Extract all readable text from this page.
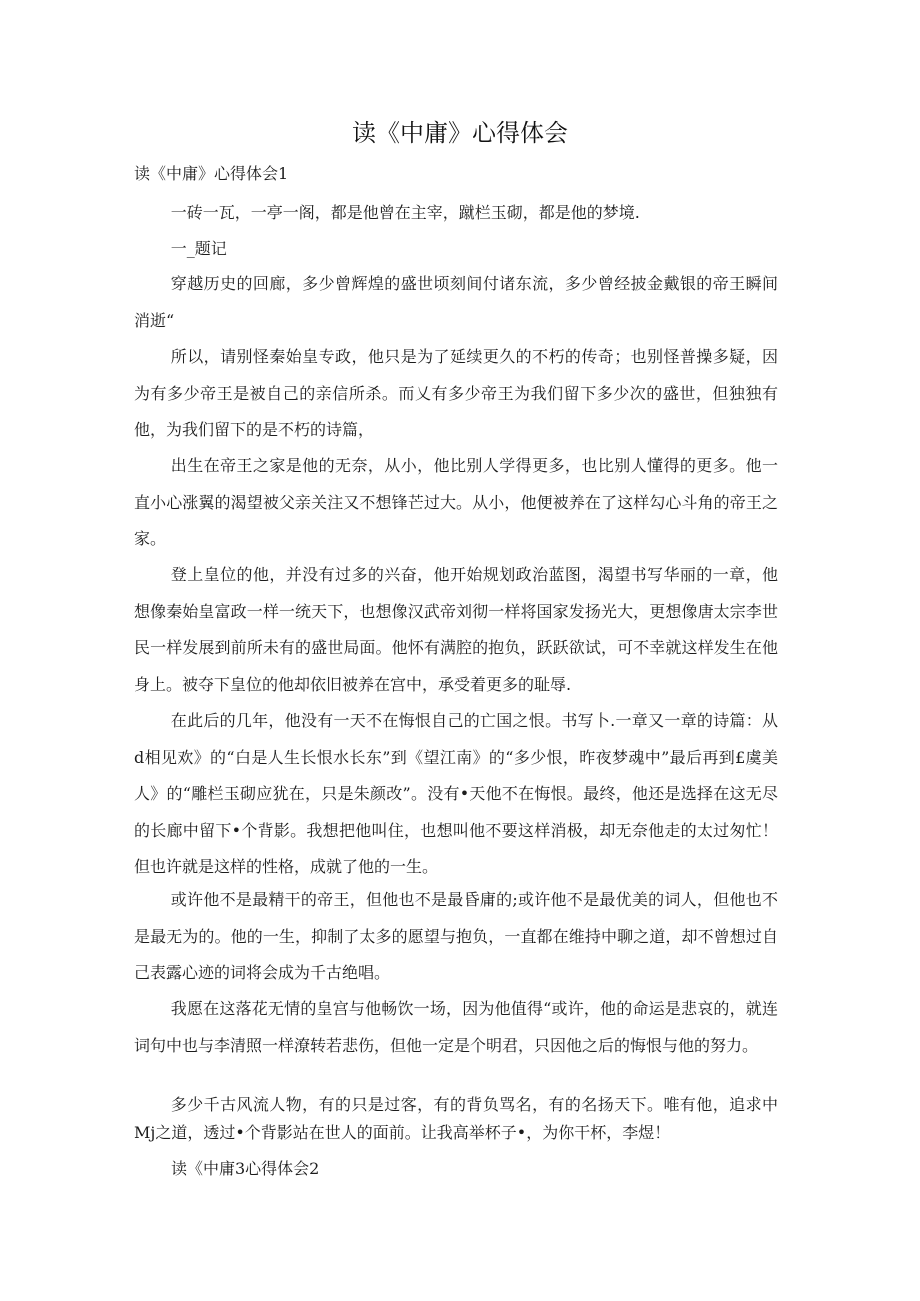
读《中庸》心得体会
读《中庸》心得体会1

一砖一瓦，一亭一阁，都是他曾在主宰，蹴栏玉砌，都是他的梦境.

一_题记

穿越历史的回廊，多少曾辉煌的盛世顷刻间付诸东流，多少曾经披金戴银的帝王瞬间消逝“

所以，请别怪秦始皇专政，他只是为了延续更久的不朽的传奇；也别怪普操多疑，因为有多少帝王是被自己的亲信所杀。而乂有多少帝王为我们留下多少次的盛世，但独独有他，为我们留下的是不朽的诗篇，

出生在帝王之家是他的无奈，从小，他比别人学得更多，也比别人懂得的更多。他一直小心涨翼的渴望被父亲关注又不想锋芒过大。从小，他便被养在了这样勾心斗角的帝王之家。

登上皇位的他，并没有过多的兴奋，他开始规划政治蓝图，渴望书写华丽的一章，他想像秦始皇富政一样一统天下，也想像汉武帝刘彻一样将国家发扬光大，更想像唐太宗李世民一样发展到前所未有的盛世局面。他怀有满腔的抱负，跃跃欲试，可不幸就这样发生在他身上。被夺下皇位的他却依旧被养在宫中，承受着更多的耻辱.

在此后的几年，他没有一天不在悔恨自己的亡国之恨。书写卜.一章又一章的诗篇：从d相见欢》的“白是人生长恨水长东”到《望江南》的“多少恨，昨夜梦魂中”最后再到£虞美人》的“雕栏玉砌应犹在，只是朱颜改”。没有•天他不在悔恨。最终，他还是选择在这无尽的长廊中留下•个背影。我想把他叫住，也想叫他不要这样消极，却无奈他走的太过匆忙！但也许就是这样的性格，成就了他的一生。

或许他不是最精干的帝王，但他也不是最昏庸的;或许他不是最优美的词人，但他也不是最无为的。他的一生，抑制了太多的愿望与抱负，一直都在维持中聊之道，却不曾想过自己表露心迹的词将会成为千古绝唱。

我愿在这落花无情的皇宫与他畅饮一场，因为他值得“或许，他的命运是悲哀的，就连词句中也与李清照一样潦转若悲伤，但他一定是个明君，只因他之后的悔恨与他的努力。

多少千古风流人物，有的只是过客，有的背负骂名，有的名扬天下。唯有他，追求中Mj之道，透过•个背影站在世人的面前。让我高举杯子•，为你干杯，李煜！

读《中庸3心得体会2
